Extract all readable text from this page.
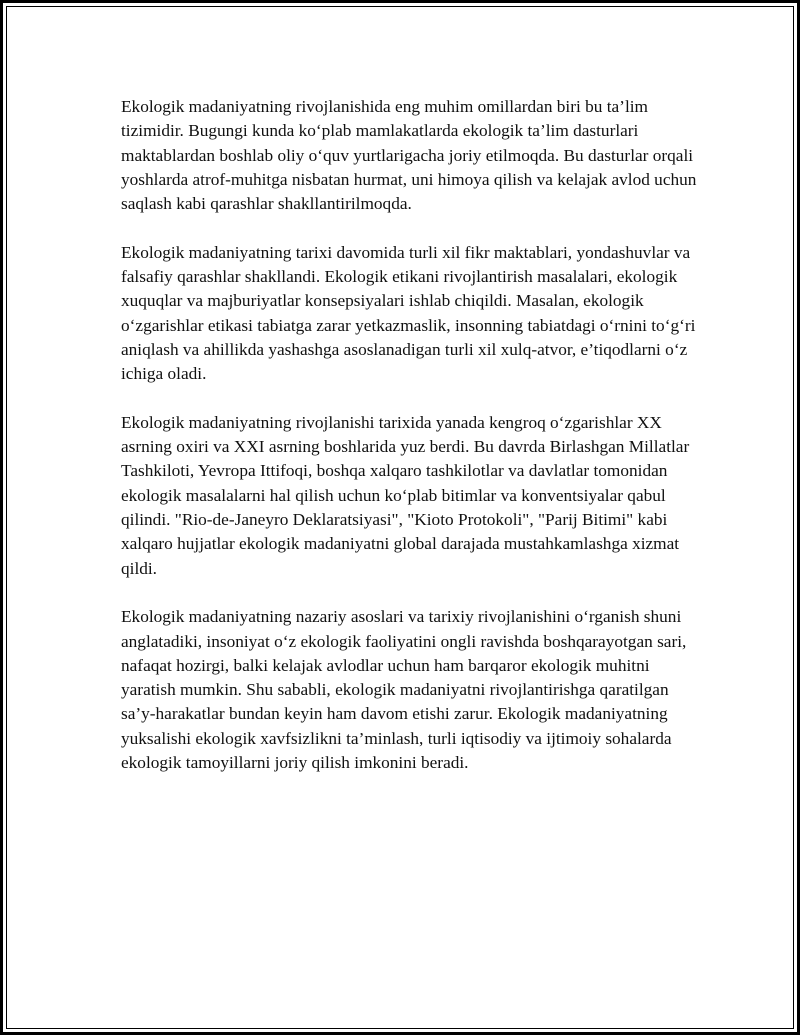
Ekologik madaniyatning rivojlanishida eng muhim omillardan biri bu ta’lim tizimidir. Bugungi kunda ko‘plab mamlakatlarda ekologik ta’lim dasturlari maktablardan boshlab oliy o‘quv yurtlarigacha joriy etilmoqda. Bu dasturlar orqali yoshlarda atrof-muhitga nisbatan hurmat, uni himoya qilish va kelajak avlod uchun saqlash kabi qarashlar shakllantirilmoqda.

Ekologik madaniyatning tarixi davomida turli xil fikr maktablari, yondashuvlar va falsafiy qarashlar shakllandi. Ekologik etikani rivojlantirish masalalari, ekologik xuquqlar va majburiyatlar konsepsiyalari ishlab chiqildi. Masalan, ekologik o‘zgarishlar etikasi tabiatga zarar yetkazmaslik, insonning tabiatdagi o‘rnini to‘g‘ri aniqlash va ahillikda yashashga asoslanadigan turli xil xulq-atvor, e’tiqodlarni o‘z ichiga oladi.

Ekologik madaniyatning rivojlanishi tarixida yanada kengroq o‘zgarishlar XX asrning oxiri va XXI asrning boshlarida yuz berdi. Bu davrda Birlashgan Millatlar Tashkiloti, Yevropa Ittifoqi, boshqa xalqaro tashkilotlar va davlatlar tomonidan ekologik masalalarni hal qilish uchun ko‘plab bitimlar va konventsiyalar qabul qilindi. "Rio-de-Janeyro Deklaratsiyasi", "Kioto Protokoli", "Parij Bitimi" kabi xalqaro hujjatlar ekologik madaniyatni global darajada mustahkamlashga xizmat qildi.

Ekologik madaniyatning nazariy asoslari va tarixiy rivojlanishini o‘rganish shuni anglatadiki, insoniyat o‘z ekologik faoliyatini ongli ravishda boshqarayotgan sari, nafaqat hozirgi, balki kelajak avlodlar uchun ham barqaror ekologik muhitni yaratish mumkin. Shu sababli, ekologik madaniyatni rivojlantirishga qaratilgan sa’y-harakatlar bundan keyin ham davom etishi zarur. Ekologik madaniyatning yuksalishi ekologik xavfsizlikni ta’minlash, turli iqtisodiy va ijtimoiy sohalarda ekologik tamoyillarni joriy qilish imkonini beradi.
